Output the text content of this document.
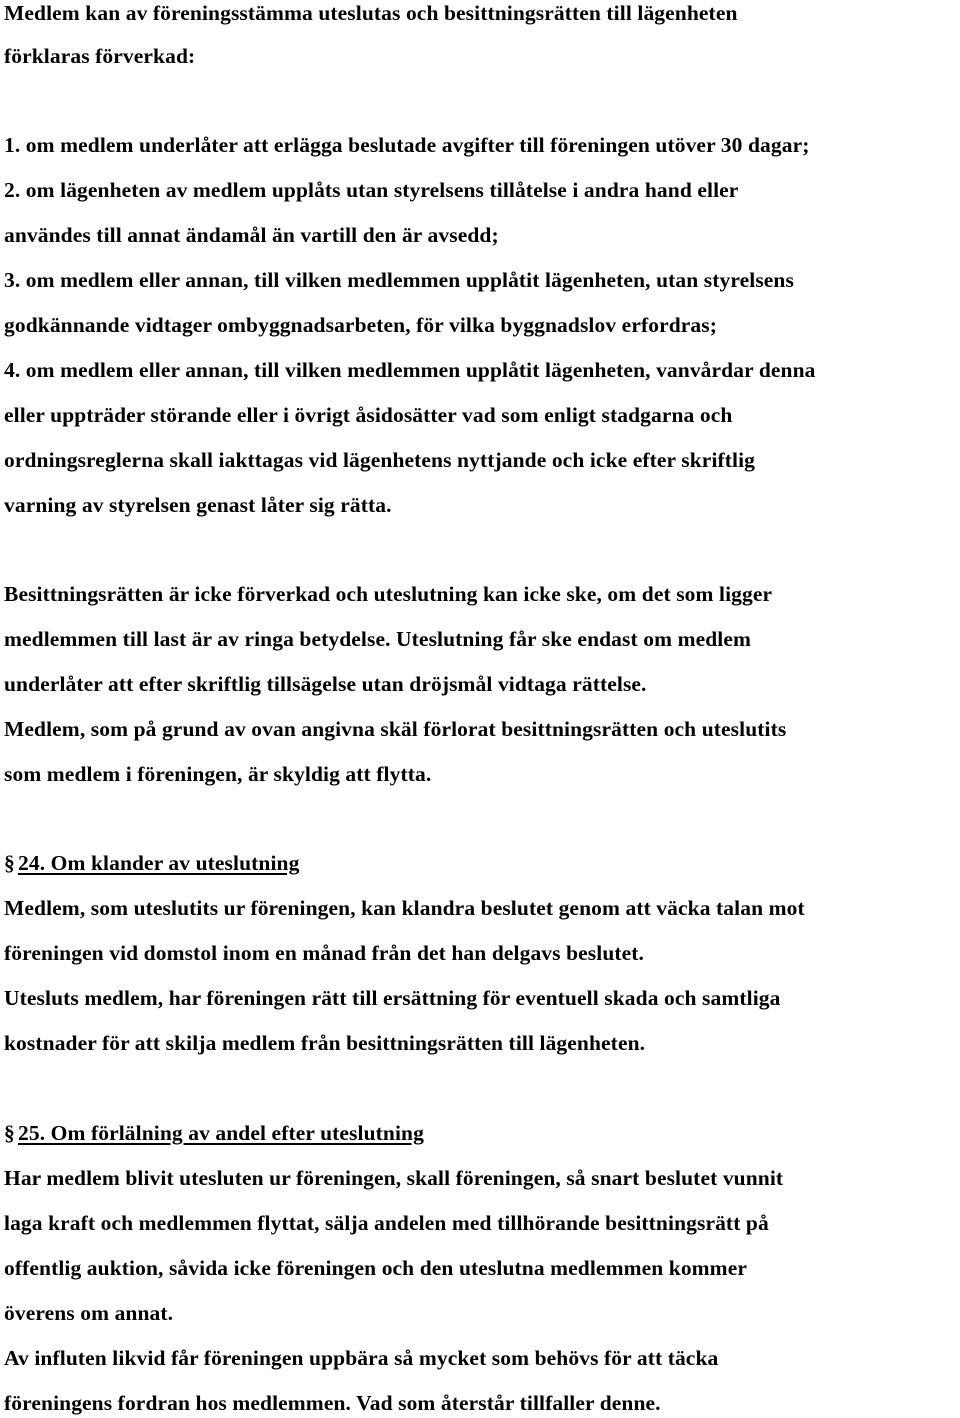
Medlem kan av föreningsstämma uteslutas och besittningsrätten till lägenheten
förklaras förverkad:
1. om medlem underlåter att erlägga beslutade avgifter till föreningen utöver 30 dagar;
2. om lägenheten av medlem upplåts utan styrelsens tillåtelse i andra hand eller
användes till annat ändamål än vartill den är avsedd;
3. om medlem eller annan, till vilken medlemmen upplåtit lägenheten, utan styrelsens
godkännande vidtager ombyggnadsarbeten, för vilka byggnadslov erfordras;
4. om medlem eller annan, till vilken medlemmen upplåtit lägenheten, vanvårdar denna
eller uppträder störande eller i övrigt åsidosätter vad som enligt stadgarna och
ordningsreglerna skall iakttagas vid lägenhetens nyttjande och icke efter skriftlig
varning av styrelsen genast låter sig rätta.
Besittningsrätten är icke förverkad och uteslutning kan icke ske, om det som ligger
medlemmen till last är av ringa betydelse. Uteslutning får ske endast om medlem
underlåter att efter skriftlig tillsägelse utan dröjsmål vidtaga rättelse.
Medlem, som på grund av ovan angivna skäl förlorat besittningsrätten och uteslutits
som medlem i föreningen, är skyldig att flytta.
§ 24. Om klander av uteslutning
Medlem, som uteslutits ur föreningen, kan klandra beslutet genom att väcka talan mot
föreningen vid domstol inom en månad från det han delgavs beslutet.
Utesluts medlem, har föreningen rätt till ersättning för eventuell skada och samtliga
kostnader för att skilja medlem från besittningsrätten till lägenheten.
§ 25. Om förlälning av andel efter uteslutning
Har medlem blivit utesluten ur föreningen, skall föreningen, så snart beslutet vunnit
laga kraft och medlemmen flyttat, sälja andelen med tillhörande besittningsrätt på
offentlig auktion, såvida icke föreningen och den uteslutna medlemmen kommer
överens om annat.
Av influten likvid får föreningen uppbära så mycket som behövs för att täcka
föreningens fordran hos medlemmen. Vad som återstår tillfaller denne.
